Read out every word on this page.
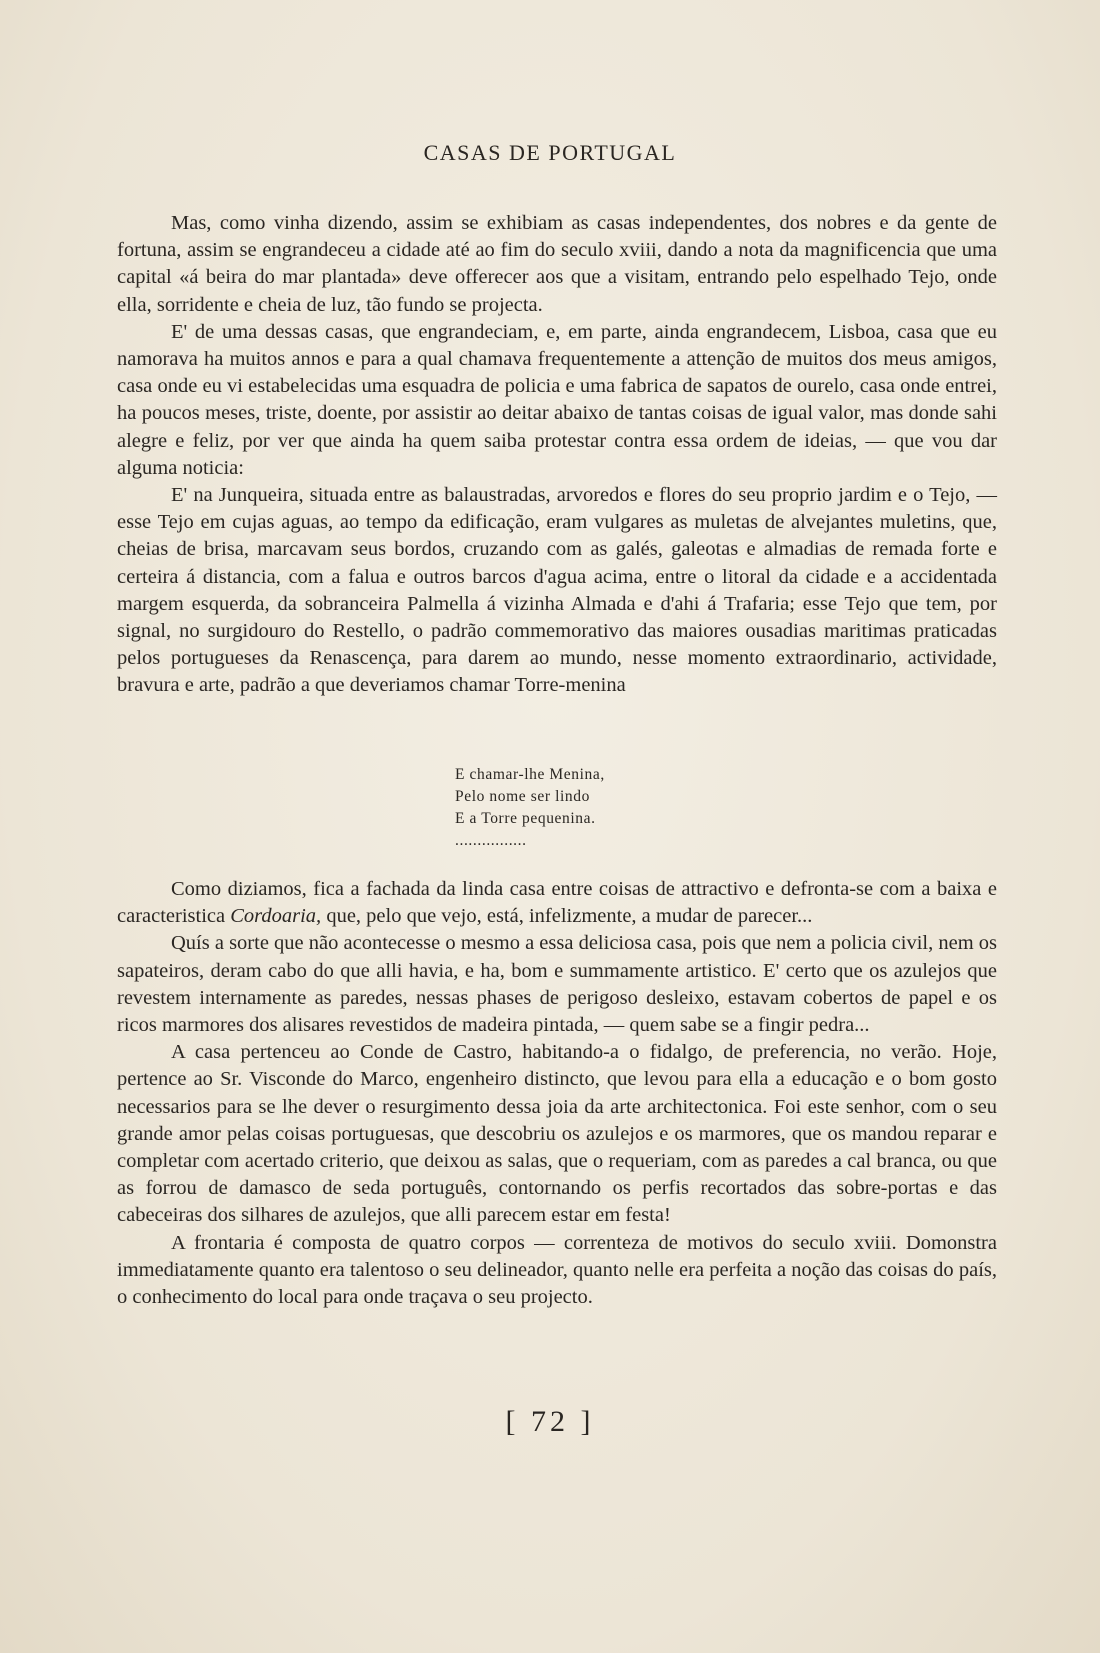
CASAS DE PORTUGAL

Mas, como vinha dizendo, assim se exhibiam as casas independentes, dos nobres e da gente de fortuna, assim se engrandeceu a cidade até ao fim do seculo xviii, dando a nota da magnificencia que uma capital «á beira do mar plantada» deve offerecer aos que a visitam, entrando pelo espelhado Tejo, onde ella, sorridente e cheia de luz, tão fundo se projecta.

E' de uma dessas casas, que engrandeciam, e, em parte, ainda engrandecem, Lisboa, casa que eu namorava ha muitos annos e para a qual chamava frequentemente a attenção de muitos dos meus amigos, casa onde eu vi estabelecidas uma esquadra de policia e uma fabrica de sapatos de ourelo, casa onde entrei, ha poucos meses, triste, doente, por assistir ao deitar abaixo de tantas coisas de igual valor, mas donde sahi alegre e feliz, por ver que ainda ha quem saiba protestar contra essa ordem de ideias, — que vou dar alguma noticia:

E' na Junqueira, situada entre as balaustradas, arvoredos e flores do seu proprio jardim e o Tejo, — esse Tejo em cujas aguas, ao tempo da edificação, eram vulgares as muletas de alvejantes muletins, que, cheias de brisa, marcavam seus bordos, cruzando com as galés, galeotas e almadias de remada forte e certeira á distancia, com a falua e outros barcos d'agua acima, entre o litoral da cidade e a accidentada margem esquerda, da sobranceira Palmella á vizinha Almada e d'ahi á Trafaria; esse Tejo que tem, por signal, no surgidouro do Restello, o padrão commemorativo das maiores ousadias maritimas praticadas pelos portugueses da Renascença, para darem ao mundo, nesse momento extraordinario, actividade, bravura e arte, padrão a que deveriamos chamar Torre-menina

E chamar-lhe Menina,
Pelo nome ser lindo
E a Torre pequenina.
................

Como diziamos, fica a fachada da linda casa entre coisas de attractivo e defronta-se com a baixa e caracteristica Cordoaria, que, pelo que vejo, está, infelizmente, a mudar de parecer...

Quís a sorte que não acontecesse o mesmo a essa deliciosa casa, pois que nem a policia civil, nem os sapateiros, deram cabo do que alli havia, e ha, bom e summamente artistico. E' certo que os azulejos que revestem internamente as paredes, nessas phases de perigoso desleixo, estavam cobertos de papel e os ricos marmores dos alisares revestidos de madeira pintada, — quem sabe se a fingir pedra...

A casa pertenceu ao Conde de Castro, habitando-a o fidalgo, de preferencia, no verão. Hoje, pertence ao Sr. Visconde do Marco, engenheiro distincto, que levou para ella a educação e o bom gosto necessarios para se lhe dever o resurgimento dessa joia da arte architectonica. Foi este senhor, com o seu grande amor pelas coisas portuguesas, que descobriu os azulejos e os marmores, que os mandou reparar e completar com acertado criterio, que deixou as salas, que o requeriam, com as paredes a cal branca, ou que as forrou de damasco de seda português, contornando os perfis recortados das sobre-portas e das cabeceiras dos silhares de azulejos, que alli parecem estar em festa!

A frontaria é composta de quatro corpos — correnteza de motivos do seculo xviii. Domonstra immediatamente quanto era talentoso o seu delineador, quanto nelle era perfeita a noção das coisas do país, o conhecimento do local para onde traçava o seu projecto.

[ 72 ]
